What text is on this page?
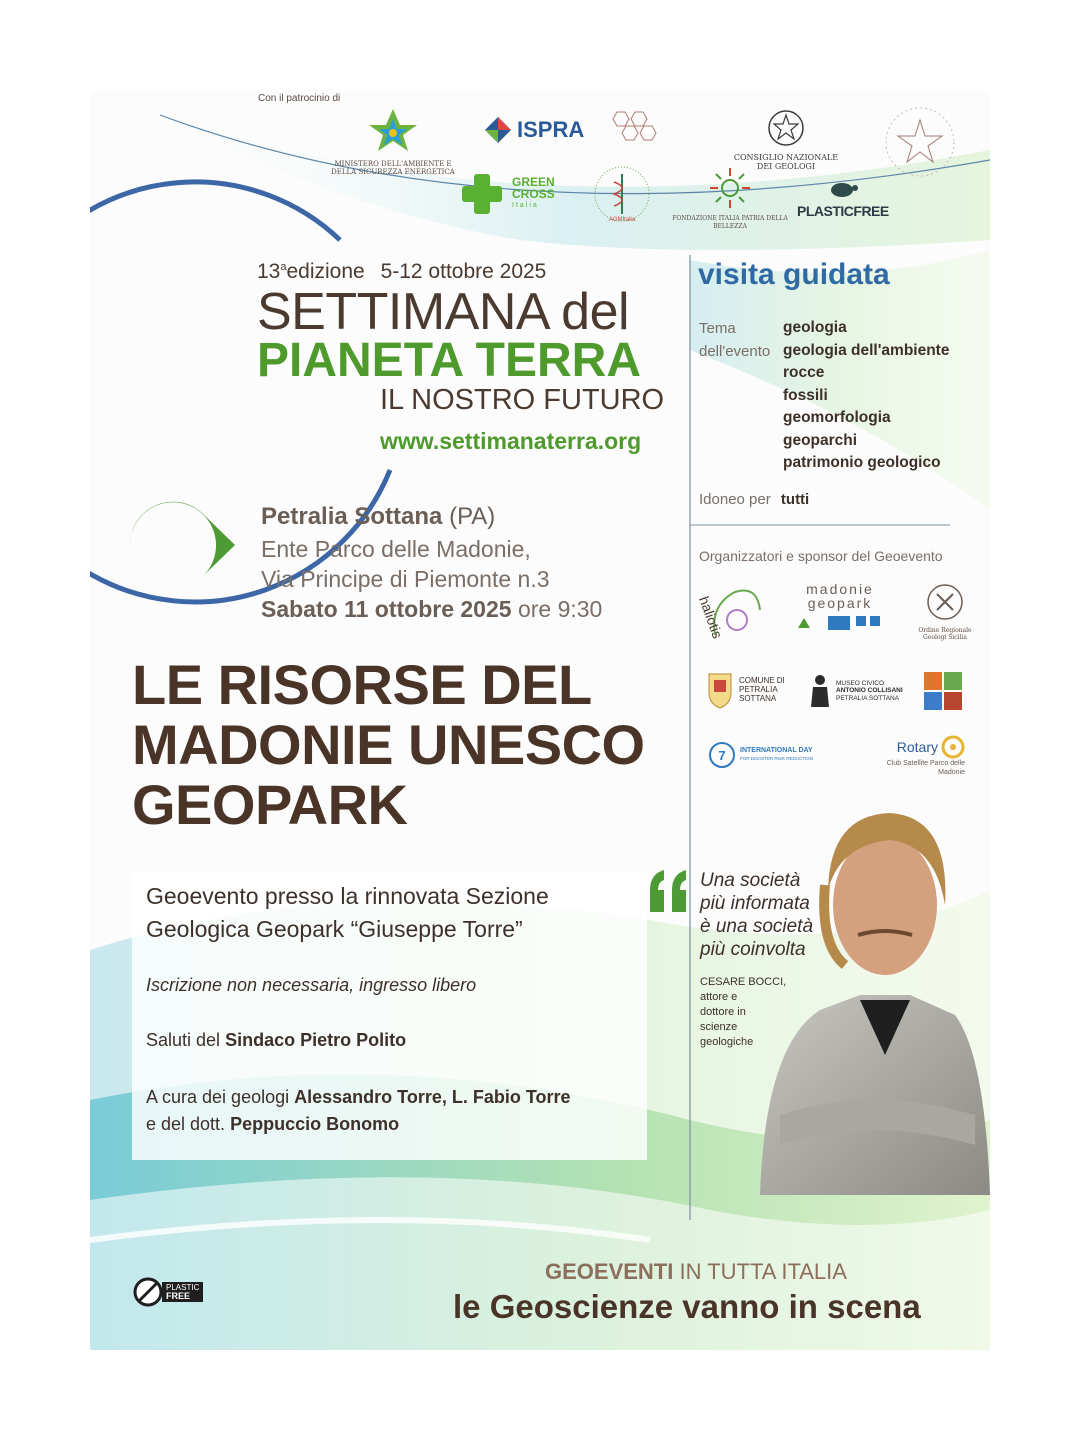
Con il patrocinio di
MINISTERO DELL'AMBIENTE E DELLA SICUREZZA ENERGETICA
ISPRA
CONSIGLIO NAZIONALE
DEI GEOLOGI
GREEN
CROSS
Italia
AGMItalia	FONDAZIONE ITALIA PATRIA DELLA BELLEZZA
PLASTICFREE
13$^a$edizione 5-12 ottobre 2025
SETTIMANA del
PIANETA TERRA
IL NOSTRO FUTURO
www.settimanaterra.org
Petralia Sottana (PA)
Ente Parco delle Madonie,
Via Principe di Piemonte n.3
Sabato 11 ottobre 2025 ore 9:30
LE RISORSE DEL
MADONIE UNESCO
GEOPARK
Geoevento presso la rinnovata Sezione
Geologica Geopark “Giuseppe Torre”
Iscrizione non necessaria, ingresso libero
Saluti del Sindaco Pietro Polito
A cura dei geologi Alessandro Torre, L. Fabio Torre
e del dott. Peppuccio Bonomo
visita guidata
Tema
dell'evento
geologia
geologia dell'ambiente
rocce
fossili
geomorfologia
geoparchi
patrimonio geologico
Idoneo per tutti
Organizzatori e sponsor del Geoevento
haliotis
madonie
geopark
Ordine Regionale
Geologi Sicilia
COMUNE DI PETRALIA SOTTANA
MUSEO CIVICO
ANTONIO COLLISANI
PETRALIA SOTTANA
7 INTERNATIONAL DAY
FOR DISASTER RISK REDUCTION
Rotary
Club Satellite Parco delle Madonie
Una società
più informata
è una società
più coinvolta
CESARE BOCCI,
attore e
dottore in
scienze
geologiche
PLASTIC
FREE
GEOEVENTI IN TUTTA ITALIA
le Geoscienze vanno in scena
